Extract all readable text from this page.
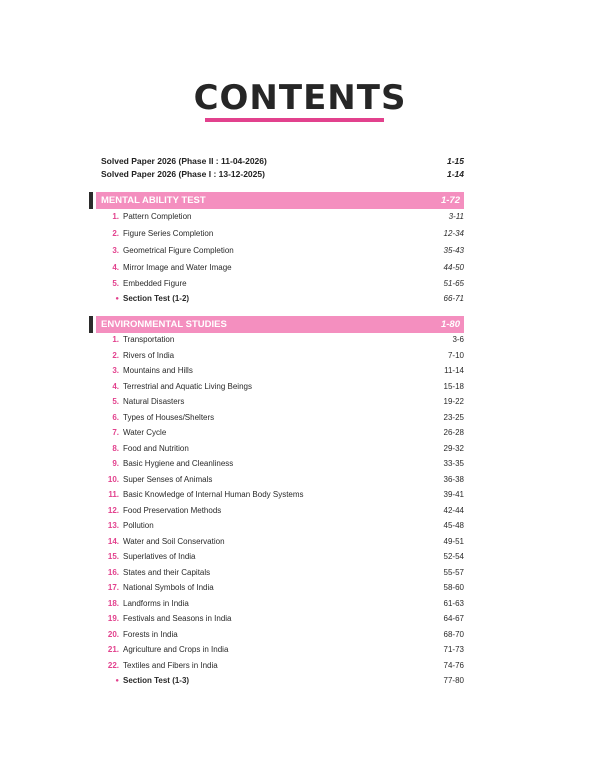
CONTENTS
Solved Paper 2026 (Phase II : 11-04-2026)	1-15
Solved Paper 2026 (Phase I : 13-12-2025)	1-14
MENTAL ABILITY TEST	1-72
1. Pattern Completion	3-11
2. Figure Series Completion	12-34
3. Geometrical Figure Completion	35-43
4. Mirror Image and Water Image	44-50
5. Embedded Figure	51-65
● Section Test (1-2)	66-71
ENVIRONMENTAL STUDIES	1-80
1. Transportation	3-6
2. Rivers of India	7-10
3. Mountains and Hills	11-14
4. Terrestrial and Aquatic Living Beings	15-18
5. Natural Disasters	19-22
6. Types of Houses/Shelters	23-25
7. Water Cycle	26-28
8. Food and Nutrition	29-32
9. Basic Hygiene and Cleanliness	33-35
10. Super Senses of Animals	36-38
11. Basic Knowledge of Internal Human Body Systems	39-41
12. Food Preservation Methods	42-44
13. Pollution	45-48
14. Water and Soil Conservation	49-51
15. Superlatives of India	52-54
16. States and their Capitals	55-57
17. National Symbols of India	58-60
18. Landforms in India	61-63
19. Festivals and Seasons in India	64-67
20. Forests in India	68-70
21. Agriculture and Crops in India	71-73
22. Textiles and Fibers in India	74-76
● Section Test (1-3)	77-80
